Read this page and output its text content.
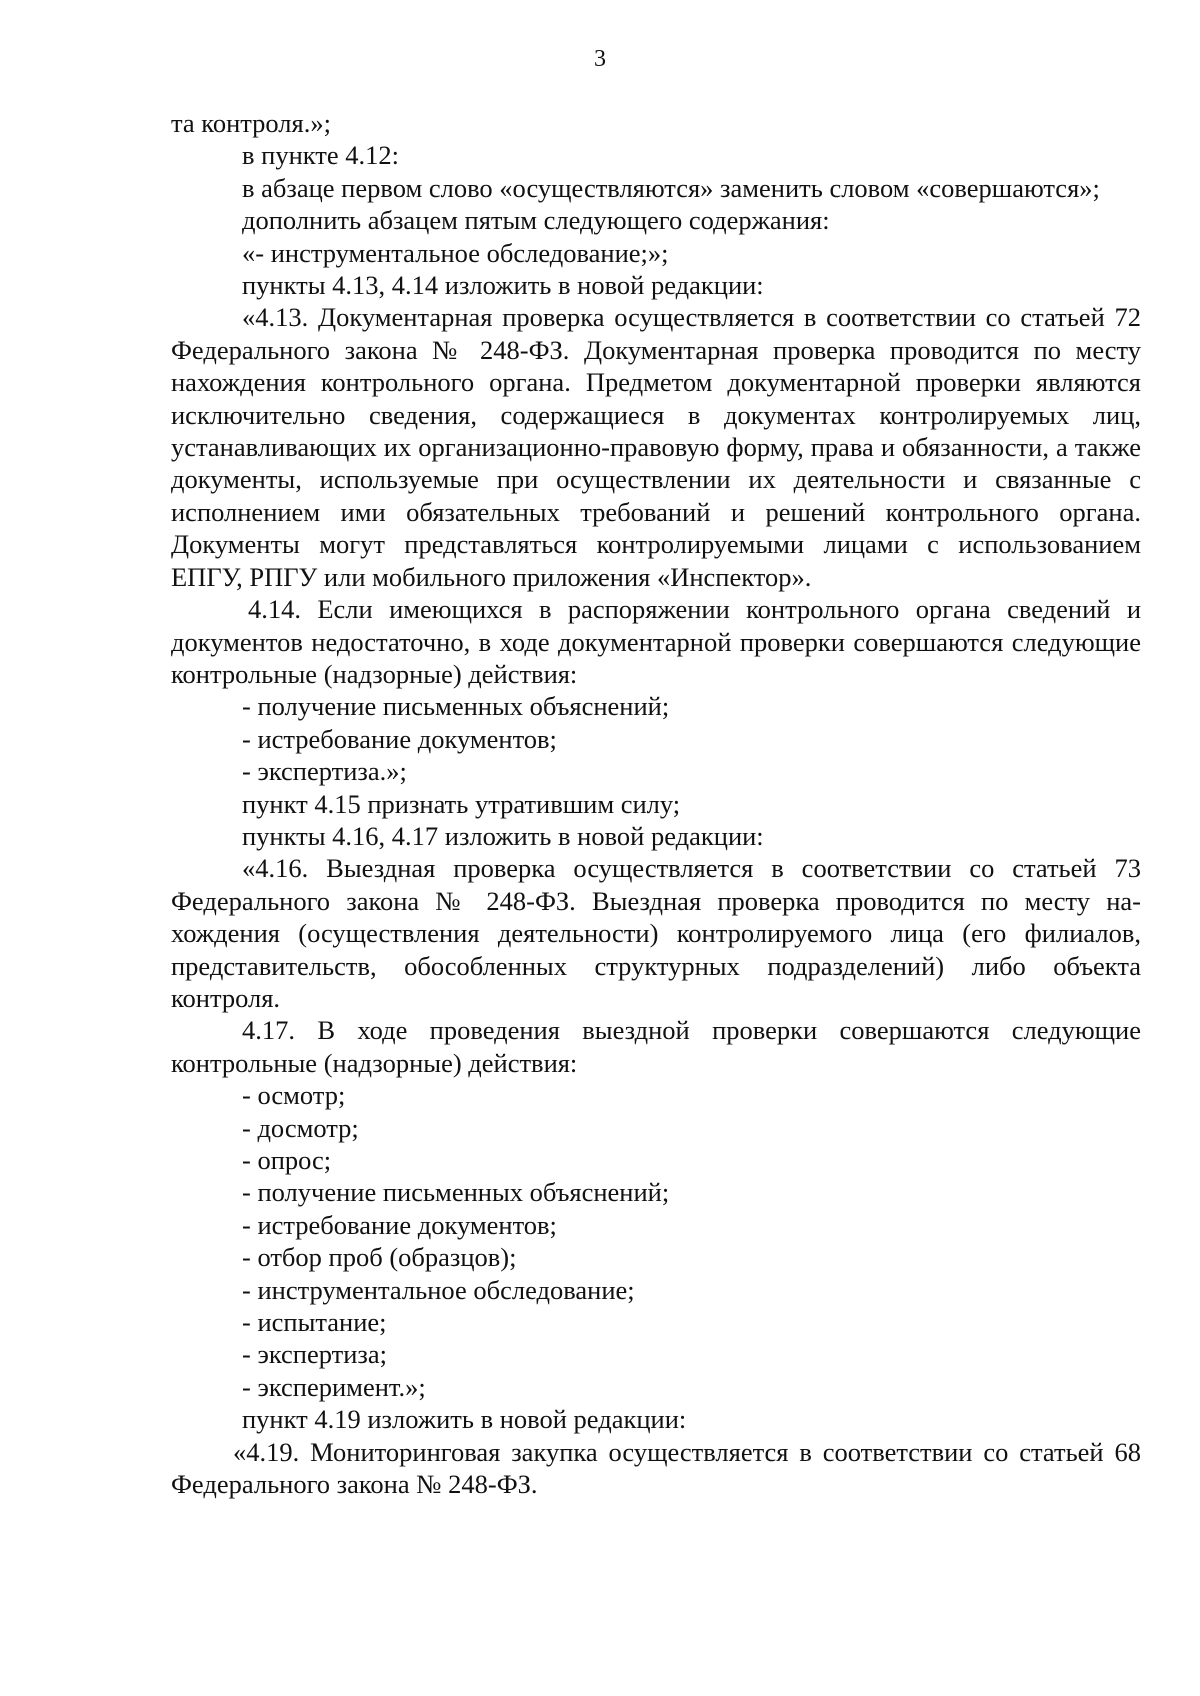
3

та контроля.»;

в пункте 4.12:

в абзаце первом слово «осуществляются» заменить словом «совершаются»;

дополнить абзацем пятым следующего содержания:

«- инструментальное обследование;»;

пункты 4.13, 4.14 изложить в новой редакции:

«4.13. Документарная проверка осуществляется в соответствии со статьей 72 Федерального закона № 248-ФЗ. Документарная проверка проводится по месту нахождения контрольного органа. Предметом документарной проверки являются исключительно сведения, содержащиеся в документах контролируемых лиц, устанавливающих их организационно-правовую форму, права и обязанности, а также документы, используемые при осуществлении их деятельности и связанные с исполнением ими обязательных требований и решений контрольного органа. Документы могут представляться контролируемыми лицами с использованием ЕПГУ, РПГУ или мобильного приложения «Инспектор».

4.14. Если имеющихся в распоряжении контрольного органа сведений и документов недостаточно, в ходе документарной проверки совершаются следующие контрольные (надзорные) действия:

- получение письменных объяснений;

- истребование документов;

- экспертиза.»;

пункт 4.15 признать утратившим силу;

пункты 4.16, 4.17 изложить в новой редакции:

«4.16. Выездная проверка осуществляется в соответствии со статьей 73 Федерального закона № 248-ФЗ. Выездная проверка проводится по месту нахождения (осуществления деятельности) контролируемого лица (его филиалов, представительств, обособленных структурных подразделений) либо объекта контроля.

4.17. В ходе проведения выездной проверки совершаются следующие контрольные (надзорные) действия:

- осмотр;

- досмотр;

- опрос;

- получение письменных объяснений;

- истребование документов;

- отбор проб (образцов);

- инструментальное обследование;

- испытание;

- экспертиза;

- эксперимент.»;

пункт 4.19 изложить в новой редакции:

«4.19. Мониторинговая закупка осуществляется в соответствии со статьей 68 Федерального закона № 248-ФЗ.
